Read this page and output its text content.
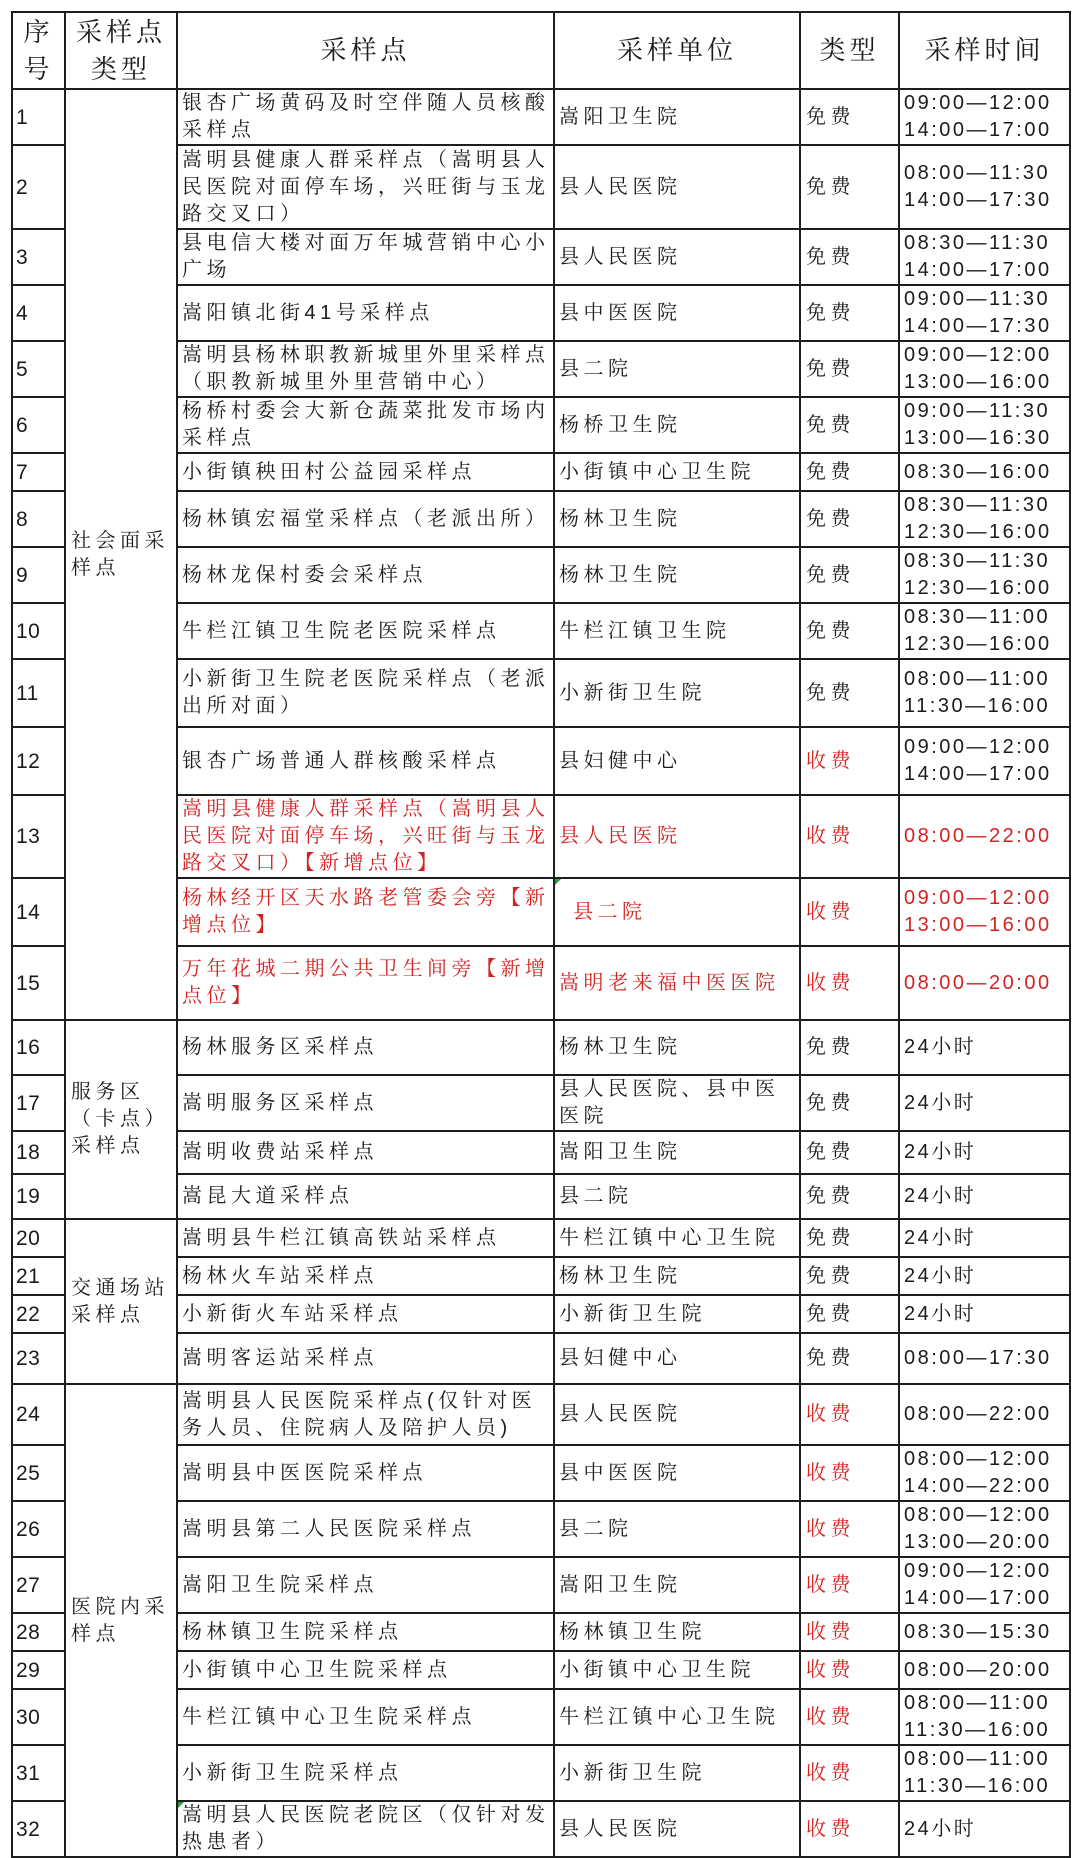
序号	采样点类型	采样点	采样单位	类型	采样时间
1	社会面采样点	银杏广场黄码及时空伴随人员核酸采样点	嵩阳卫生院	免费	09:00—12:00
14:00—17:00

2		嵩明县健康人群采样点（嵩明县人民医院对面停车场，兴旺街与玉龙路交叉口）	县人民医院	免费	08:00—11:30
14:00—17:30

3		县电信大楼对面万年城营销中心小广场	县人民医院	免费	08:30—11:30
14:00—17:00

4		嵩阳镇北街41号采样点	县中医医院	免费	09:00—11:30
14:00—17:30

5		嵩明县杨林职教新城里外里采样点（职教新城里外里营销中心）	县二院	免费	09:00—12:00
13:00—16:00

6		杨桥村委会大新仓蔬菜批发市场内采样点	杨桥卫生院	免费	09:00—11:30
13:00—16:30

7		小街镇秧田村公益园采样点	小街镇中心卫生院	免费	08:30—16:00

8		杨林镇宏福堂采样点（老派出所）	杨林卫生院	免费	08:30—11:30
12:30—16:00

9		杨林龙保村委会采样点	杨林卫生院	免费	08:30—11:30
12:30—16:00

10		牛栏江镇卫生院老医院采样点	牛栏江镇卫生院	免费	08:30—11:00
12:30—16:00

11		小新街卫生院老医院采样点（老派出所对面）	小新街卫生院	免费	08:00—11:00
11:30—16:00

12		银杏广场普通人群核酸采样点	县妇健中心	收费	09:00—12:00
14:00—17:00

13		嵩明县健康人群采样点（嵩明县人民医院对面停车场，兴旺街与玉龙路交叉口）【新增点位】	县人民医院	收费	08:00—22:00

14		杨林经开区天水路老管委会旁【新增点位】	县二院	收费	09:00—12:00
13:00—16:00

15		万年花城二期公共卫生间旁【新增点位】	嵩明老来福中医医院	收费	08:00—20:00

16	服务区（卡点）采样点	杨林服务区采样点	杨林卫生院	免费	24小时

17		嵩明服务区采样点	县人民医院、县中医医院	免费	24小时

18		嵩明收费站采样点	嵩阳卫生院	免费	24小时

19		嵩昆大道采样点	县二院	免费	24小时

20	交通场站采样点	嵩明县牛栏江镇高铁站采样点	牛栏江镇中心卫生院	免费	24小时

21		杨林火车站采样点	杨林卫生院	免费	24小时

22		小新街火车站采样点	小新街卫生院	免费	24小时

23		嵩明客运站采样点	县妇健中心	免费	08:00—17:30

24	医院内采样点	嵩明县人民医院采样点(仅针对医务人员、住院病人及陪护人员)	县人民医院	收费	08:00—22:00

25		嵩明县中医医院采样点	县中医医院	收费	08:00—12:00
14:00—22:00

26		嵩明县第二人民医院采样点	县二院	收费	08:00—12:00
13:00—20:00

27		嵩阳卫生院采样点	嵩阳卫生院	收费	09:00—12:00
14:00—17:00

28		杨林镇卫生院采样点	杨林镇卫生院	收费	08:30—15:30

29		小街镇中心卫生院采样点	小街镇中心卫生院	收费	08:00—20:00

30		牛栏江镇中心卫生院采样点	牛栏江镇中心卫生院	收费	08:00—11:00
11:30—16:00

31		小新街卫生院采样点	小新街卫生院	收费	08:00—11:00
11:30—16:00

32		嵩明县人民医院老院区（仅针对发热患者）	县人民医院	收费	24小时
